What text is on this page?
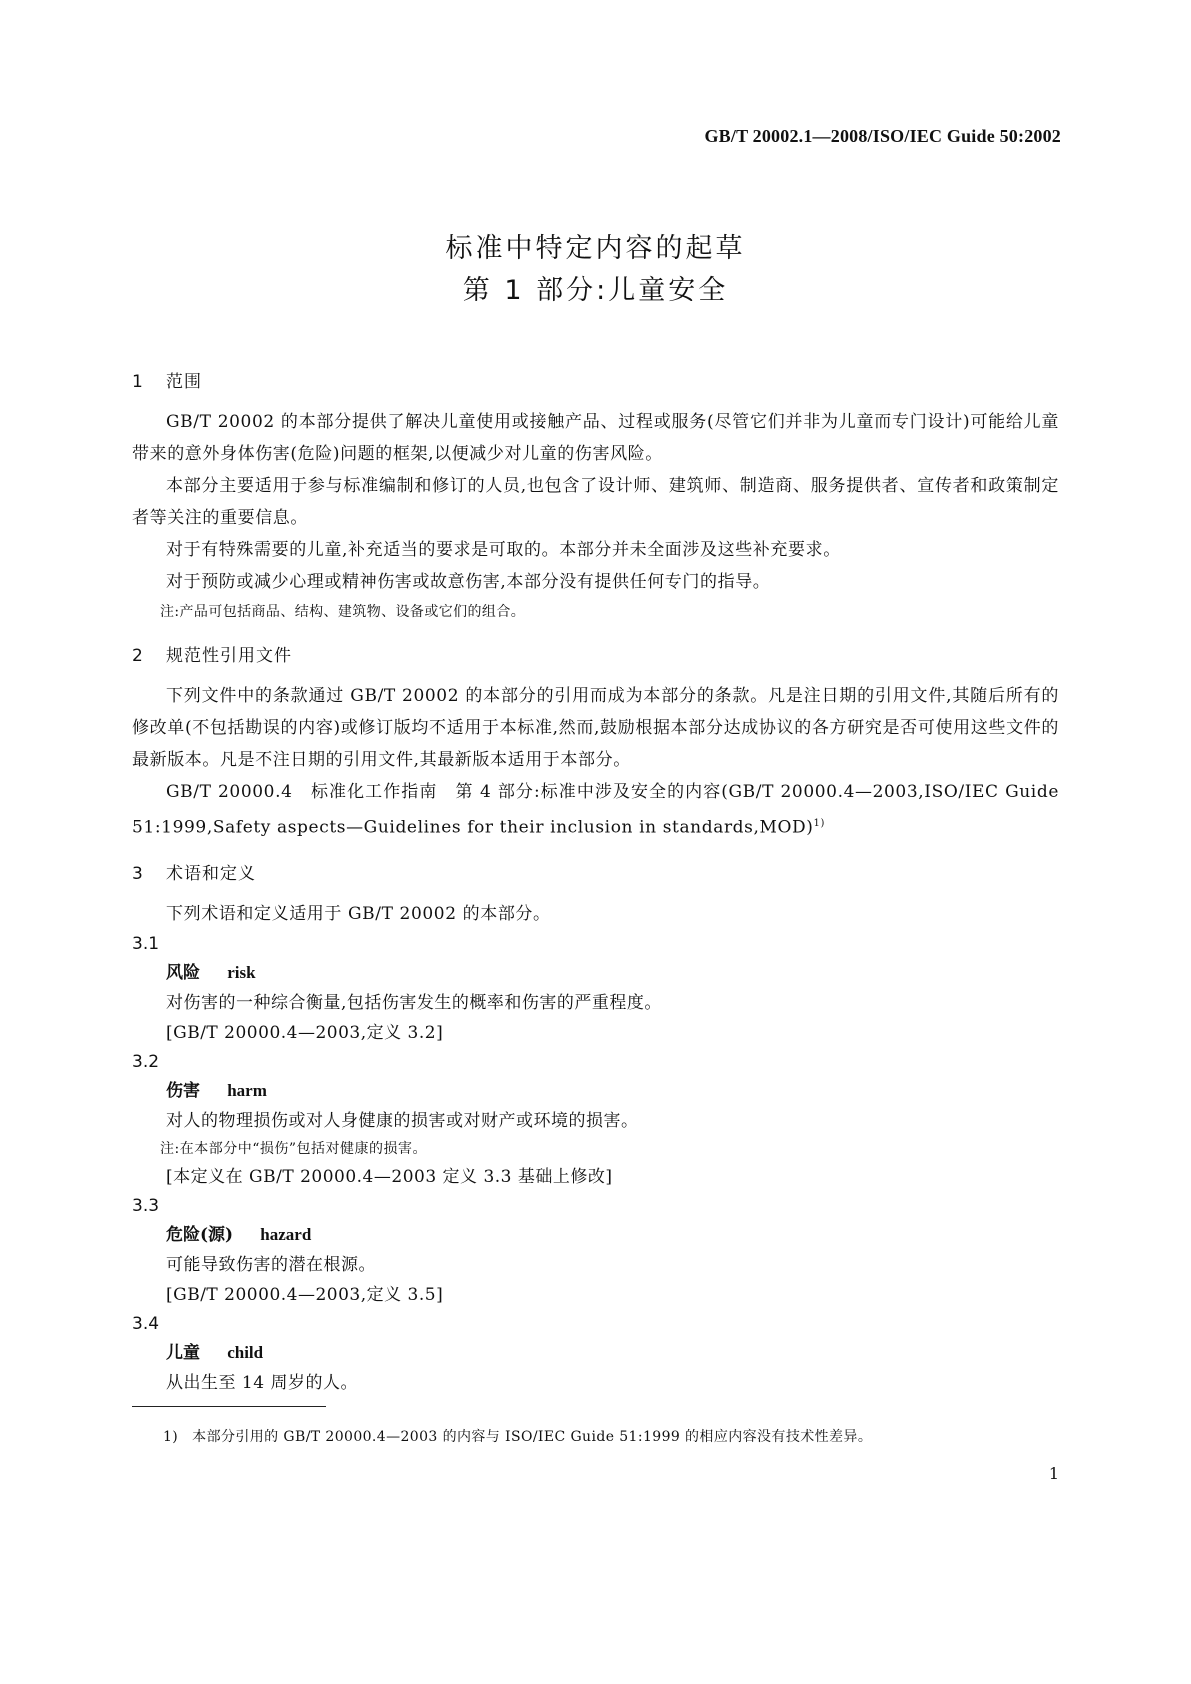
GB/T 20002.1—2008/ISO/IEC Guide 50:2002
标准中特定内容的起草
第 1 部分:儿童安全
1 范围

GB/T 20002 的本部分提供了解决儿童使用或接触产品、过程或服务(尽管它们并非为儿童而专门设计)可能给儿童带来的意外身体伤害(危险)问题的框架,以便减少对儿童的伤害风险。

本部分主要适用于参与标准编制和修订的人员,也包含了设计师、建筑师、制造商、服务提供者、宣传者和政策制定者等关注的重要信息。

对于有特殊需要的儿童,补充适当的要求是可取的。本部分并未全面涉及这些补充要求。

对于预防或减少心理或精神伤害或故意伤害,本部分没有提供任何专门的指导。

注:产品可包括商品、结构、建筑物、设备或它们的组合。

2 规范性引用文件

下列文件中的条款通过 GB/T 20002 的本部分的引用而成为本部分的条款。凡是注日期的引用文件,其随后所有的修改单(不包括勘误的内容)或修订版均不适用于本标准,然而,鼓励根据本部分达成协议的各方研究是否可使用这些文件的最新版本。凡是不注日期的引用文件,其最新版本适用于本部分。

GB/T 20000.4　标准化工作指南　第 4 部分:标准中涉及安全的内容(GB/T 20000.4—2003,ISO/IEC Guide 51:1999,Safety aspects—Guidelines for their inclusion in standards,MOD)$^{1)}$

3 术语和定义

下列术语和定义适用于 GB/T 20002 的本部分。

3.1

风险 risk

对伤害的一种综合衡量,包括伤害发生的概率和伤害的严重程度。

[GB/T 20000.4—2003,定义 3.2]

3.2

伤害 harm

对人的物理损伤或对人身健康的损害或对财产或环境的损害。

注:在本部分中“损伤”包括对健康的损害。

[本定义在 GB/T 20000.4—2003 定义 3.3 基础上修改]

3.3

危险(源) hazard

可能导致伤害的潜在根源。

[GB/T 20000.4—2003,定义 3.5]

3.4

儿童 child

从出生至 14 周岁的人。

1) 本部分引用的 GB/T 20000.4—2003 的内容与 ISO/IEC Guide 51:1999 的相应内容没有技术性差异。
1
